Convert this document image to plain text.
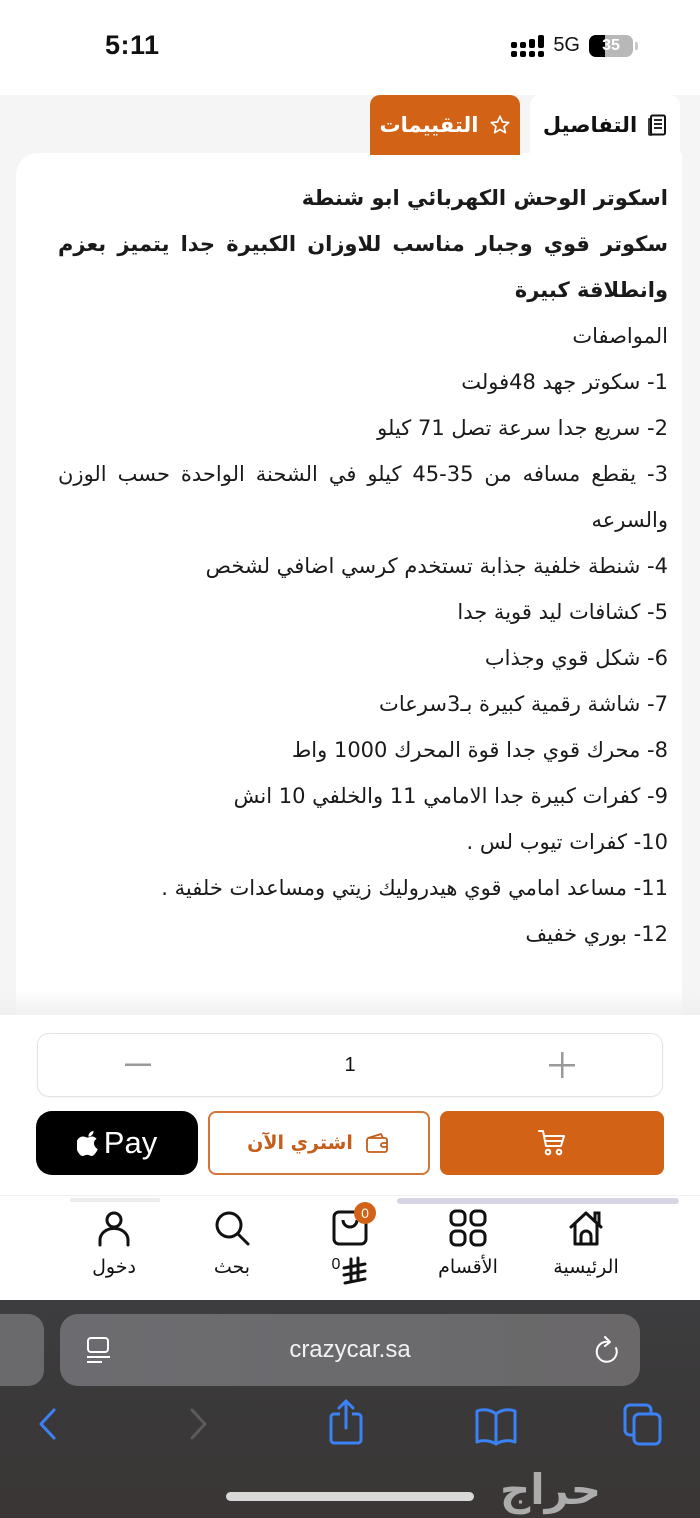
5:11	5G 35
التفاصيل
التقييمات

اسكوتر الوحش الكهربائي ابو شنطة

سكوتر قوي وجبار مناسب للاوزان الكبيرة جدا يتميز بعزم وانطلاقة كبيرة

المواصفات

1- سكوتر جهد 48فولت

2- سريع جدا سرعة تصل 71 كيلو

3- يقطع مسافه من 35-45 كيلو في الشحنة الواحدة حسب الوزن والسرعه

4- شنطة خلفية جذابة تستخدم كرسي اضافي لشخص

5- كشافات ليد قوية جدا

6- شكل قوي وجذاب

7- شاشة رقمية كبيرة بـ3سرعات

8- محرك قوي جدا قوة المحرك 1000 واط

9- كفرات كبيرة جدا الامامي 11 والخلفي 10 انش

10- كفرات تيوب لس .

11- مساعد امامي قوي هيدروليك زيتي ومساعدات خلفية .

12- بوري خفيف

1
Pay	اشتري الآن
الرئيسية
الأقسام
0
0
بحث
دخول
crazycar.sa
حراج
